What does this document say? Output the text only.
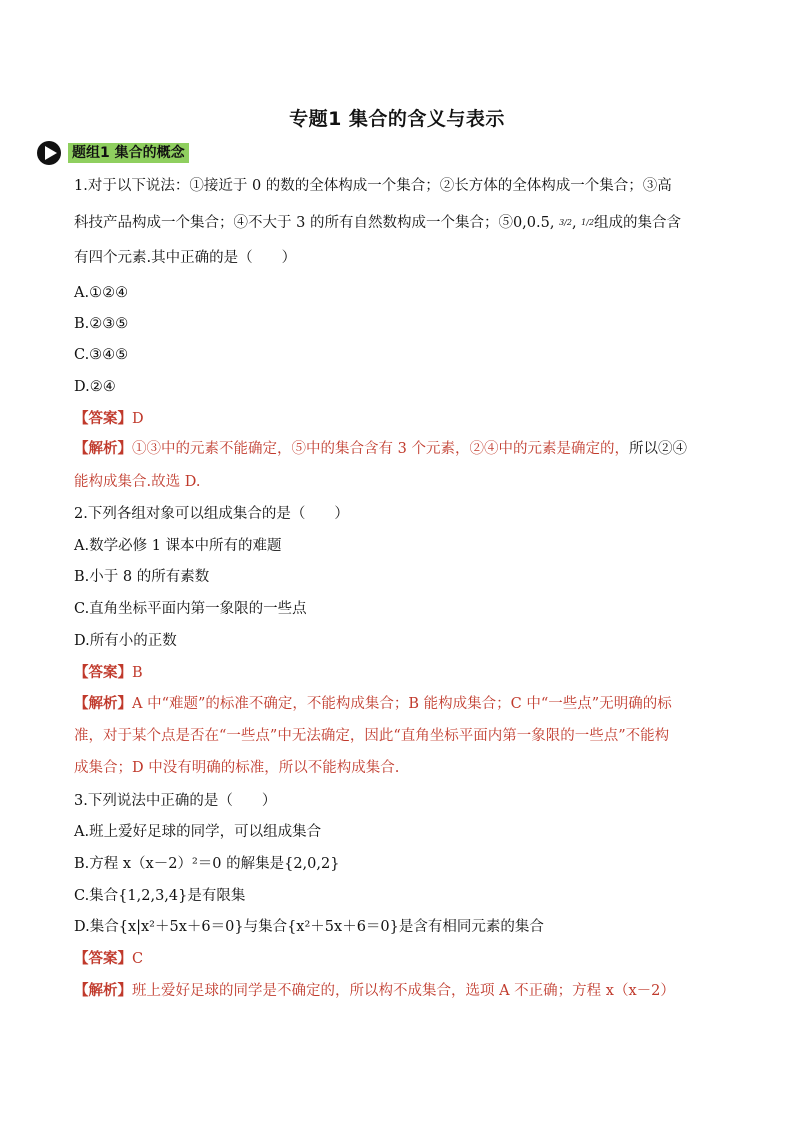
专题1 集合的含义与表示
题组1 集合的概念
1.对于以下说法：①接近于 0 的数的全体构成一个集合；②长方体的全体构成一个集合；③高
科技产品构成一个集合；④不大于 3 的所有自然数构成一个集合；⑤0,0.5, 3/2, 1/2组成的集合含
有四个元素.其中正确的是（　　）
A.①②④
B.②③⑤
C.③④⑤
D.②④
【答案】D
【解析】①③中的元素不能确定，⑤中的集合含有 3 个元素，②④中的元素是确定的，所以②④
能构成集合.故选 D.
2.下列各组对象可以组成集合的是（　　）
A.数学必修 1 课本中所有的难题
B.小于 8 的所有素数
C.直角坐标平面内第一象限的一些点
D.所有小的正数
【答案】B
【解析】A 中“难题”的标准不确定，不能构成集合；B 能构成集合；C 中“一些点”无明确的标
准，对于某个点是否在“一些点”中无法确定，因此“直角坐标平面内第一象限的一些点”不能构
成集合；D 中没有明确的标准，所以不能构成集合.
3.下列说法中正确的是（　　）
A.班上爱好足球的同学，可以组成集合
B.方程 x（x－2）²＝0 的解集是{2,0,2}
C.集合{1,2,3,4}是有限集
D.集合{x|x²＋5x＋6＝0}与集合{x²＋5x＋6＝0}是含有相同元素的集合
【答案】C
【解析】班上爱好足球的同学是不确定的，所以构不成集合，选项 A 不正确；方程 x（x－2）
